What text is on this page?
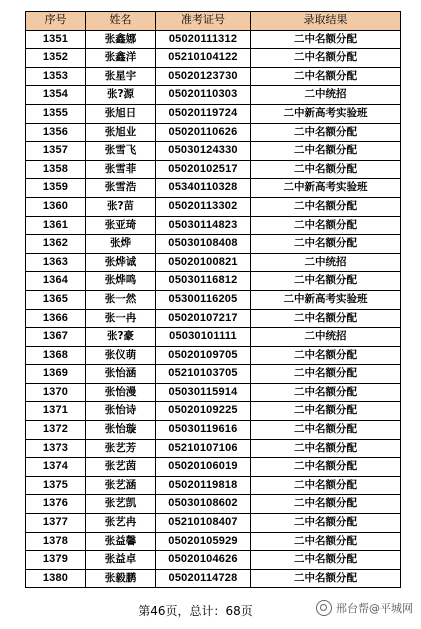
序号	姓名	准考证号	录取结果
1351	张鑫娜	05020111312	二中名额分配
1352	张鑫洋	05210104122	二中名额分配
1353	张星宇	05020123730	二中名额分配
1354	张?源	05020110303	二中统招
1355	张旭日	05020119724	二中新高考实验班
1356	张旭业	05020110626	二中名额分配
1357	张雪飞	05030124330	二中名额分配
1358	张雪菲	05020102517	二中名额分配
1359	张雪浩	05340110328	二中新高考实验班
1360	张?苗	05020113302	二中名额分配
1361	张亚琦	05030114823	二中名额分配
1362	张烨	05030108408	二中名额分配
1363	张烨诚	05020100821	二中统招
1364	张烨鸣	05030116812	二中名额分配
1365	张一然	05300116205	二中新高考实验班
1366	张一冉	05020107217	二中名额分配
1367	张?豪	05030101111	二中统招
1368	张仪萌	05020109705	二中名额分配
1369	张怡涵	05210103705	二中名额分配
1370	张怡漫	05030115914	二中名额分配
1371	张怡诗	05020109225	二中名额分配
1372	张怡璇	05030119616	二中名额分配
1373	张艺芳	05210107106	二中名额分配
1374	张艺茵	05020106019	二中名额分配
1375	张艺涵	05020119818	二中名额分配
1376	张艺凯	05030108602	二中名额分配
1377	张艺冉	05210108407	二中名额分配
1378	张益馨	05020105929	二中名额分配
1379	张益卓	05020104626	二中名额分配
1380	张毅鹏	05020114728	二中名额分配
第46页，总计：68页	邢台帮@平城网
